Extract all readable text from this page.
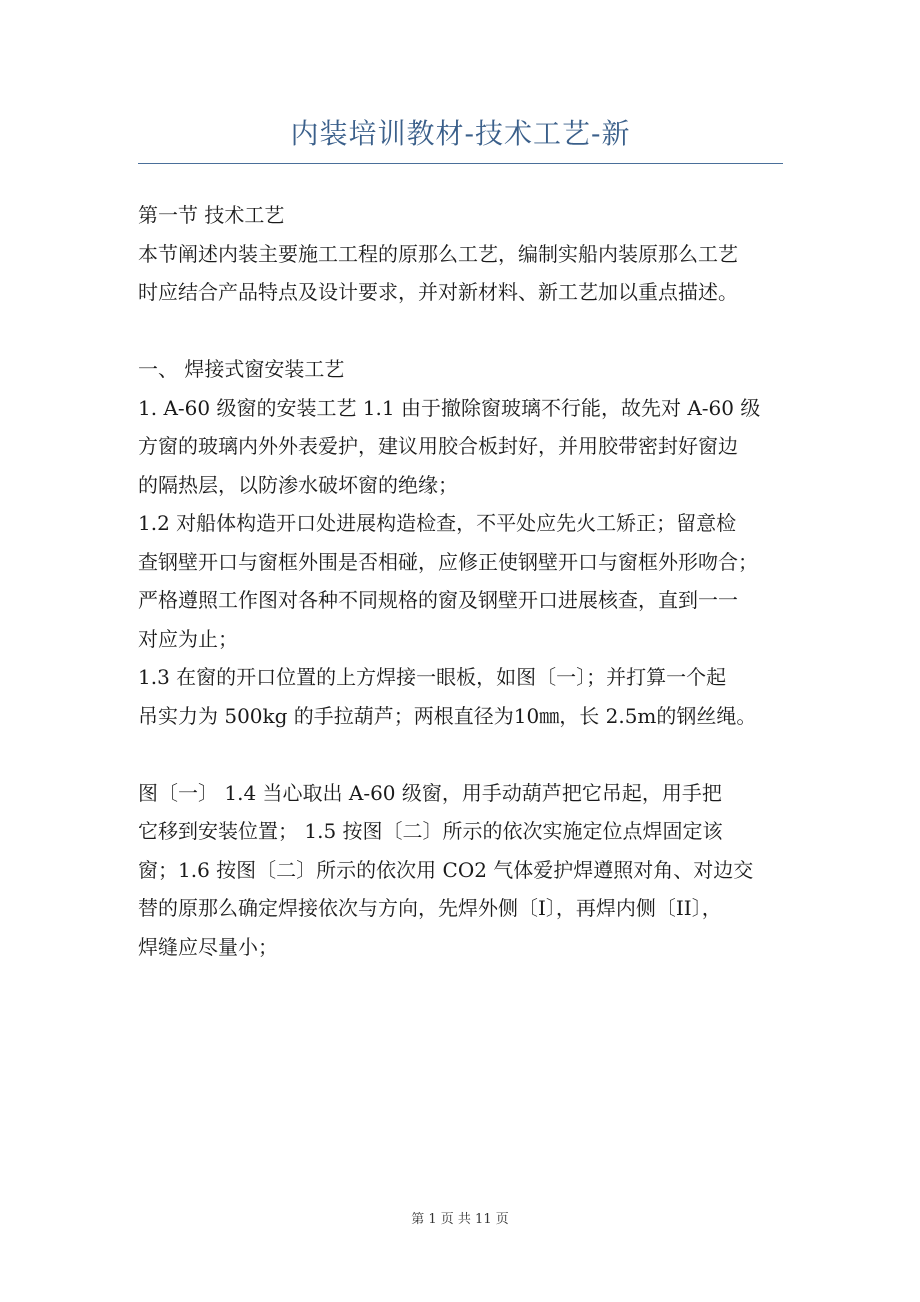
内装培训教材-技术工艺-新
第一节 技术工艺
本节阐述内装主要施工工程的原那么工艺，编制实船内装原那么工艺
时应结合产品特点及设计要求，并对新材料、新工艺加以重点描述。
一、 焊接式窗安装工艺
1. A-60 级窗的安装工艺 1.1 由于撤除窗玻璃不行能，故先对 A-60 级
方窗的玻璃内外外表爱护，建议用胶合板封好，并用胶带密封好窗边
的隔热层，以防渗水破坏窗的绝缘；
1.2 对船体构造开口处进展构造检查，不平处应先火工矫正；留意检
查钢壁开口与窗框外围是否相碰，应修正使钢壁开口与窗框外形吻合；
严格遵照工作图对各种不同规格的窗及钢壁开口进展核查，直到一一
对应为止；
1.3 在窗的开口位置的上方焊接一眼板，如图〔一〕；并打算一个起
吊实力为 500kg 的手拉葫芦；两根直径为10㎜，长 2.5m的钢丝绳。
图〔一〕 1.4 当心取出 A-60 级窗，用手动葫芦把它吊起，用手把
它移到安装位置； 1.5 按图〔二〕所示的依次实施定位点焊固定该
窗；1.6 按图〔二〕所示的依次用 CO2 气体爱护焊遵照对角、对边交
替的原那么确定焊接依次与方向，先焊外侧〔I〕，再焊内侧〔II〕，
焊缝应尽量小；
第 1 页 共 11 页
